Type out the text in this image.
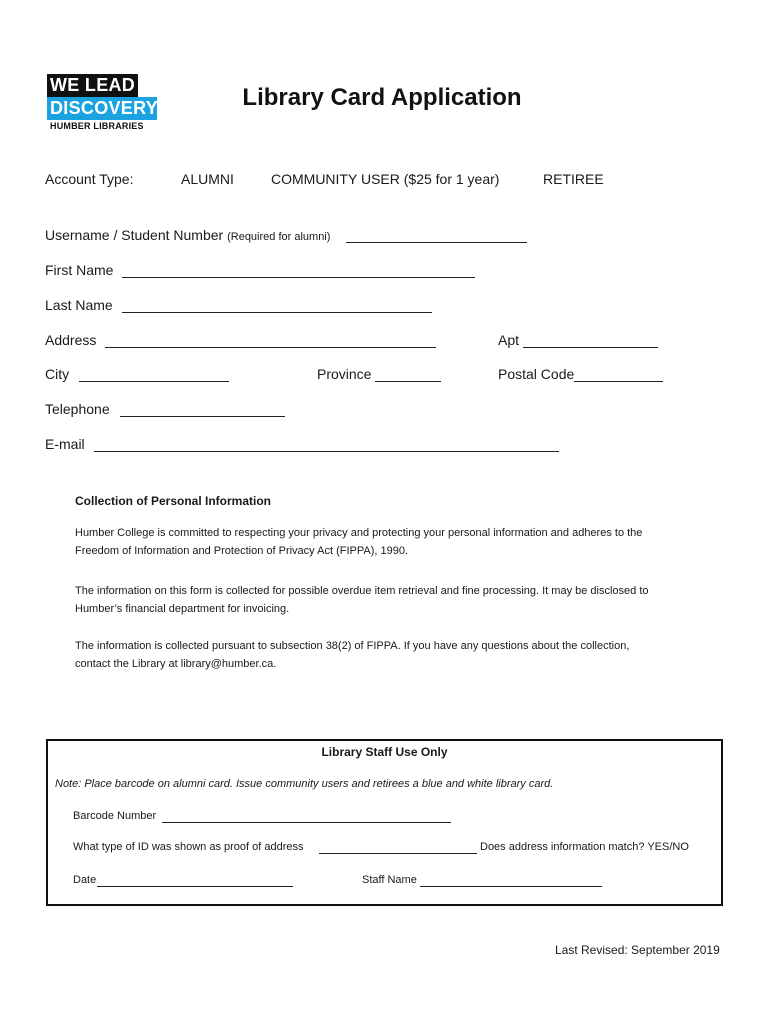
WE LEAD
DISCOVERY
HUMBER LIBRARIES
Library Card Application
Account Type:	ALUMNI	COMMUNITY USER ($25 for 1 year)	RETIREE
Username / Student Number (Required for alumni)
First Name
Last Name
Address	Apt
City	Province	Postal Code
Telephone
E-mail
Collection of Personal Information
Humber College is committed to respecting your privacy and protecting your personal information and adheres to the
Freedom of Information and Protection of Privacy Act (FIPPA), 1990.
The information on this form is collected for possible overdue item retrieval and fine processing. It may be disclosed to
Humber’s financial department for invoicing.
The information is collected pursuant to subsection 38(2) of FIPPA. If you have any questions about the collection,
contact the Library at library@humber.ca.
Library Staff Use Only
Note: Place barcode on alumni card. Issue community users and retirees a blue and white library card.
Barcode Number
What type of ID was shown as proof of address	Does address information match? YES/NO
Date	Staff Name
Last Revised: September 2019
